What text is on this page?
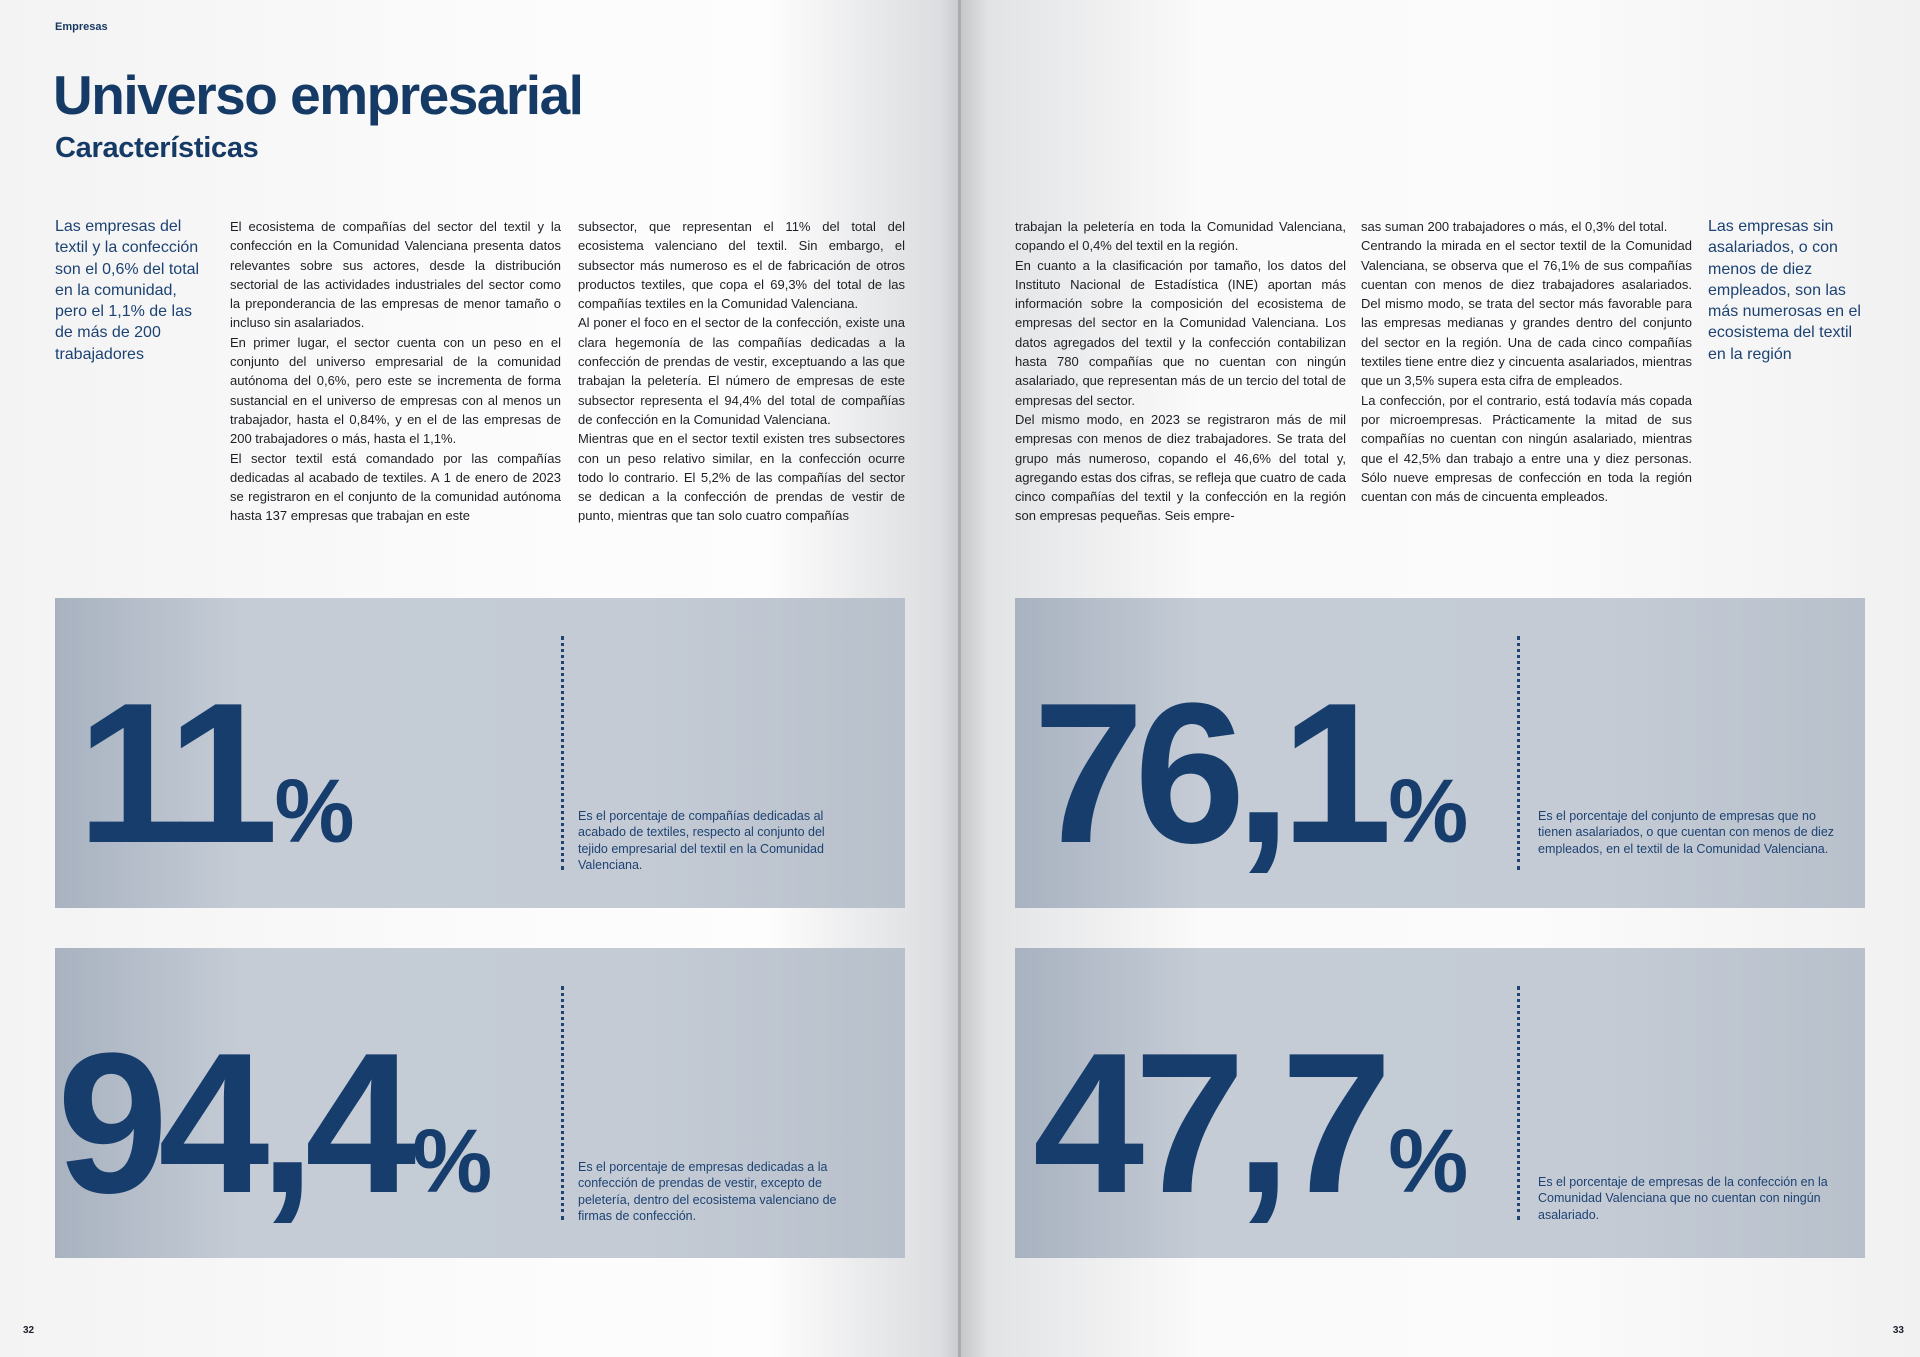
Empresas
Universo empresarial
Características

Las empresas del textil y la confección son el 0,6% del total en la comunidad, pero el 1,1% de las de más de 200 trabajadores

El ecosistema de compañías del sector del textil y la confección en la Comunidad Valenciana presenta datos relevantes sobre sus actores, desde la distribución sectorial de las actividades industriales del sector como la preponderancia de las empresas de menor tamaño o incluso sin asalariados.

En primer lugar, el sector cuenta con un peso en el conjunto del universo empresarial de la comunidad autónoma del 0,6%, pero este se incrementa de forma sustancial en el universo de empresas con al menos un trabajador, hasta el 0,84%, y en el de las empresas de 200 trabajadores o más, hasta el 1,1%.

El sector textil está comandado por las compañías dedicadas al acabado de textiles. A 1 de enero de 2023 se registraron en el conjunto de la comunidad autónoma hasta 137 empresas que trabajan en este

subsector, que representan el 11% del total del ecosistema valenciano del textil. Sin embargo, el subsector más numeroso es el de fabricación de otros productos textiles, que copa el 69,3% del total de las compañías textiles en la Comunidad Valenciana.

Al poner el foco en el sector de la confección, existe una clara hegemonía de las compañías dedicadas a la confección de prendas de vestir, exceptuando a las que trabajan la peletería. El número de empresas de este subsector representa el 94,4% del total de compañías de confección en la Comunidad Valenciana.

Mientras que en el sector textil existen tres subsectores con un peso relativo similar, en la confección ocurre todo lo contrario. El 5,2% de las compañías del sector se dedican a la confección de prendas de vestir de punto, mientras que tan solo cuatro compañías

11%	Es el porcentaje de compañías dedicadas al acabado de textiles, respecto al conjunto del tejido empresarial del textil en la Comunidad Valenciana.

94,4%	Es el porcentaje de empresas dedicadas a la confección de prendas de vestir, excepto de peletería, dentro del ecosistema valenciano de firmas de confección.

32

trabajan la peletería en toda la Comunidad Valenciana, copando el 0,4% del textil en la región.

En cuanto a la clasificación por tamaño, los datos del Instituto Nacional de Estadística (INE) aportan más información sobre la composición del ecosistema de empresas del sector en la Comunidad Valenciana. Los datos agregados del textil y la confección contabilizan hasta 780 compañías que no cuentan con ningún asalariado, que representan más de un tercio del total de empresas del sector.

Del mismo modo, en 2023 se registraron más de mil empresas con menos de diez trabajadores. Se trata del grupo más numeroso, copando el 46,6% del total y, agregando estas dos cifras, se refleja que cuatro de cada cinco compañías del textil y la confección en la región son empresas pequeñas. Seis empre-

sas suman 200 trabajadores o más, el 0,3% del total.

Centrando la mirada en el sector textil de la Comunidad Valenciana, se observa que el 76,1% de sus compañías cuentan con menos de diez trabajadores asalariados. Del mismo modo, se trata del sector más favorable para las empresas medianas y grandes dentro del conjunto del sector en la región. Una de cada cinco compañías textiles tiene entre diez y cincuenta asalariados, mientras que un 3,5% supera esta cifra de empleados.

La confección, por el contrario, está todavía más copada por microempresas. Prácticamente la mitad de sus compañías no cuentan con ningún asalariado, mientras que el 42,5% dan trabajo a entre una y diez personas. Sólo nueve empresas de confección en toda la región cuentan con más de cincuenta empleados.

Las empresas sin asalariados, o con menos de diez empleados, son las más numerosas en el ecosistema del textil en la región

76,1%	Es el porcentaje del conjunto de empresas que no tienen asalariados, o que cuentan con menos de diez empleados, en el textil de la Comunidad Valenciana.

47,7%	Es el porcentaje de empresas de la confección en la Comunidad Valenciana que no cuentan con ningún asalariado.

33
